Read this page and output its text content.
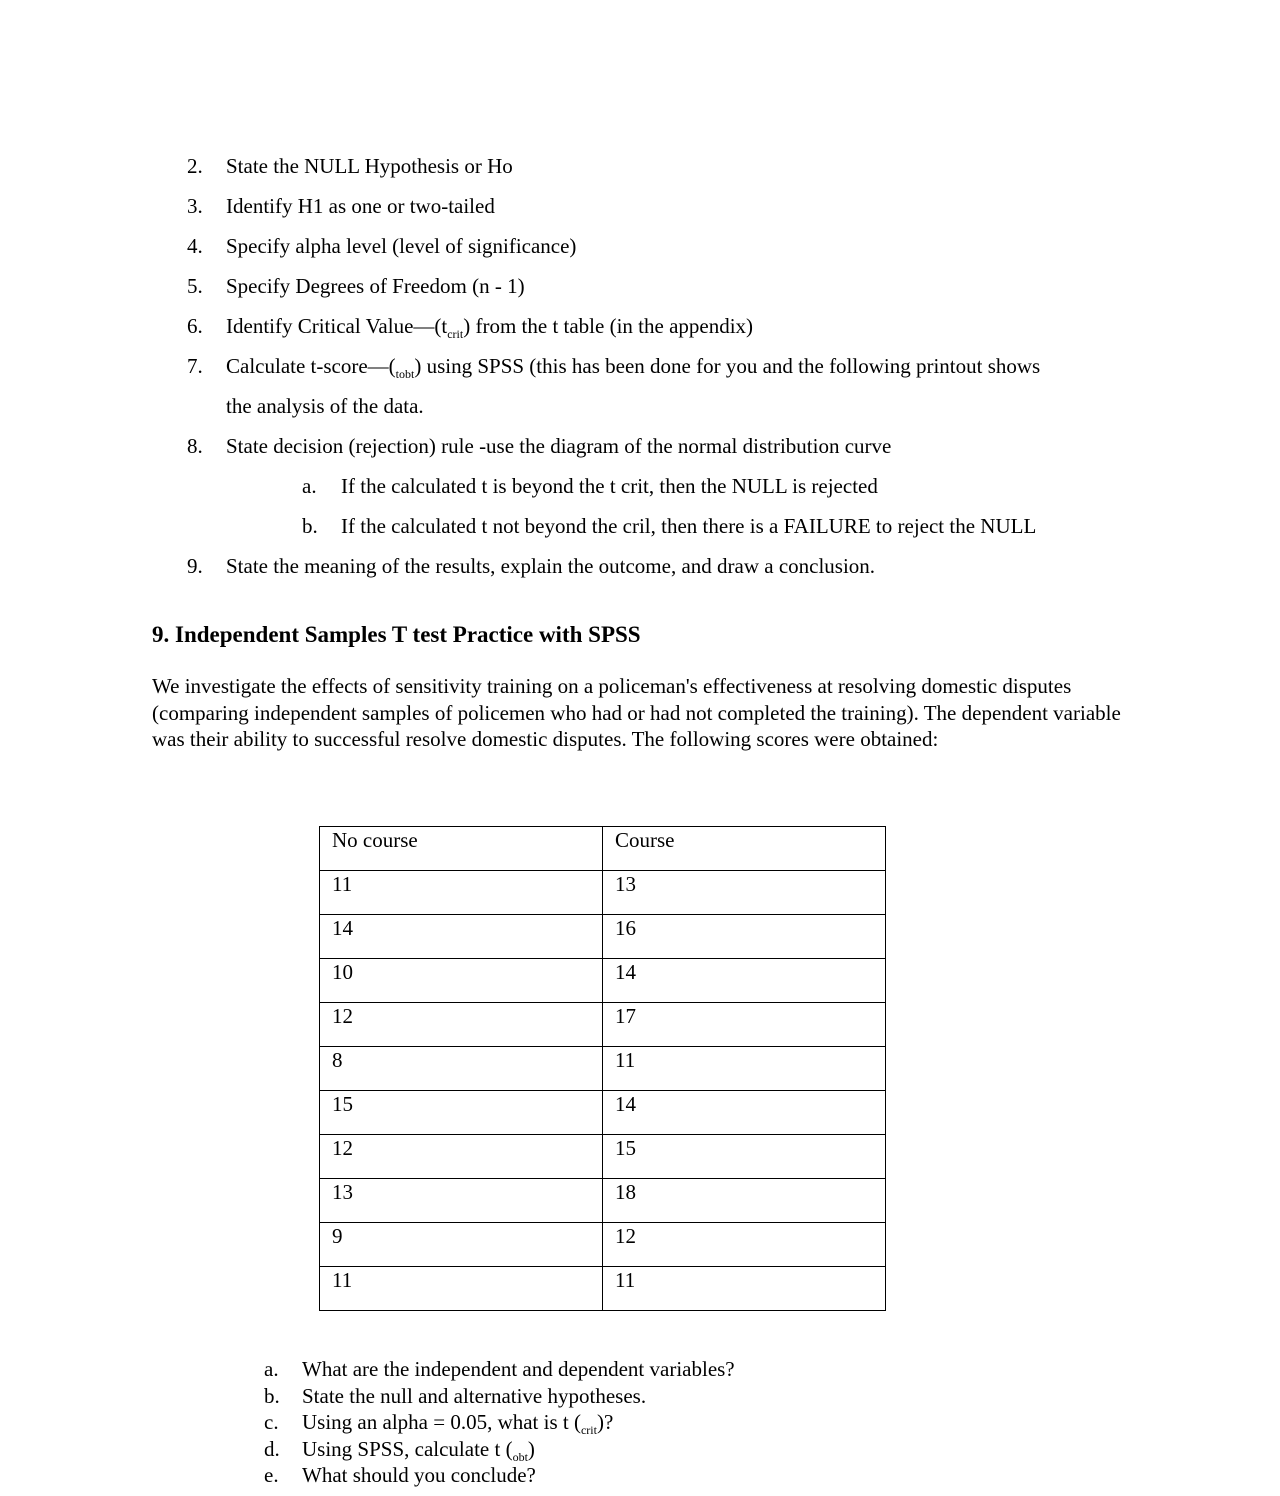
2. State the NULL Hypothesis or Ho
3. Identify H1 as one or two-tailed
4. Specify alpha level (level of significance)
5. Specify Degrees of Freedom (n - 1)
6. Identify Critical $Value—(t_{crit})$ from the t table (in the appendix)
7. Calculate $t-score—(_{tobt})$ using SPSS (this has been done for you and the following printout shows
the analysis of the data.
8. State decision (rejection) rule -use the diagram of the normal distribution curve
a. If the calculated t is beyond the t crit, then the NULL is rejected
b. If the calculated t not beyond the cril, then there is a FAILURE to reject the NULL
9. State the meaning of the results, explain the outcome, and draw a conclusion.
9. Independent Samples T test Practice with SPSS

We investigate the effects of sensitivity training on a policeman's effectiveness at resolving domestic disputes (comparing independent samples of policemen who had or had not completed the training). The dependent variable was their ability to successful resolve domestic disputes. The following scores were obtained:

No course	Course
11	13
14	16
10	14
12	17
8	11
15	14
12	15
13	18
9	12
11	11
a. What are the independent and dependent variables?
b. State the null and alternative hypotheses.
c. Using an alpha = 0.05, what is t $(_{crit})$?
d. Using SPSS, calculate t $(_{obt})$
e. What should you conclude?
